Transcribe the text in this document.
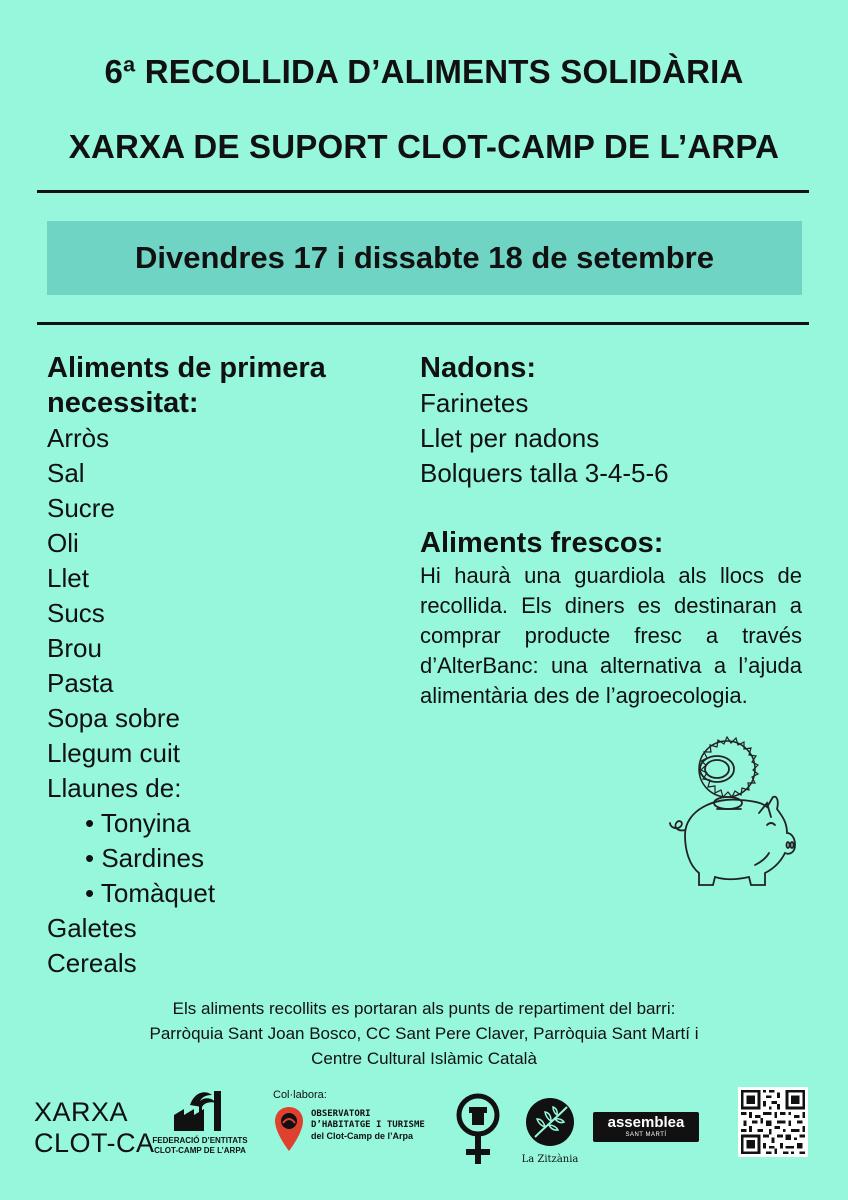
6ª RECOLLIDA D’ALIMENTS SOLIDÀRIA
XARXA DE SUPORT CLOT-CAMP DE L’ARPA
Divendres 17 i dissabte 18 de setembre
Aliments de primera
necessitat:
Arròs
Sal
Sucre
Oli
Llet
Sucs
Brou
Pasta
Sopa sobre
Llegum cuit
Llaunes de:
• Tonyina
• Sardines
• Tomàquet
Galetes
Cereals
Nadons:
Farinetes
Llet per nadons
Bolquers talla 3-4-5-6
Aliments frescos:
Hi haurà una guardiola als llocs de recollida. Els diners es destinaran a comprar producte fresc a través d’AlterBanc: una alternativa a l’ajuda alimentària des de l’agroecologia.
Els aliments recollits es portaran als punts de repartiment del barri:
Parròquia Sant Joan Bosco, CC Sant Pere Claver, Parròquia Sant Martí i
Centre Cultural Islàmic Català
XARXA
CLOT-CA
FEDERACIÓ D’ENTITATS
CLOT-CAMP DE L’ARPA
Col·labora:
OBSERVATORI
D’HABITATGE I TURISME
del Clot-Camp de l’Arpa
La Zitzània
assemblea
SANT MARTÍ
